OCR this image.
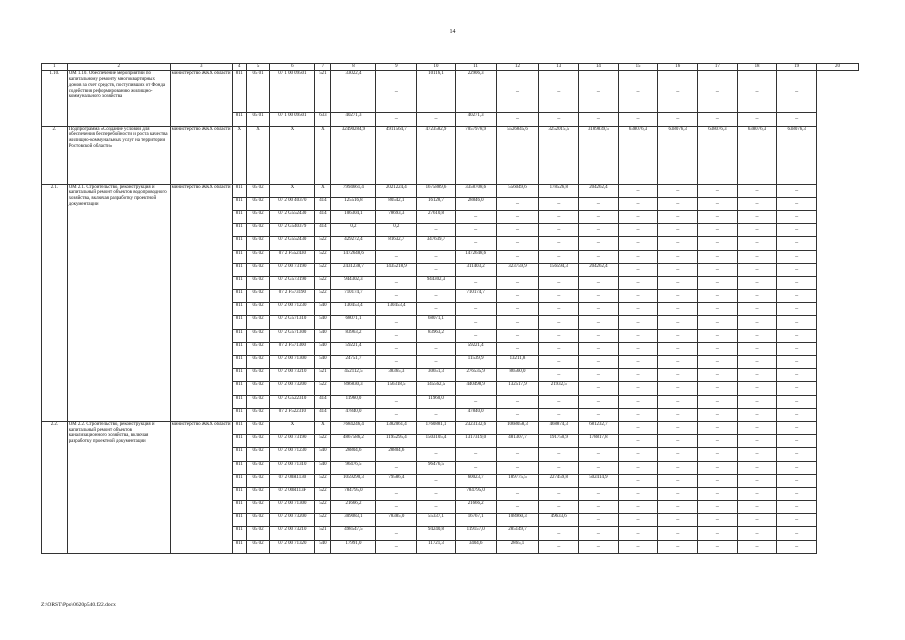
14
1	2	3	4	5	6	7	8	9	10	11	12	13	14	15	16	17	18	19	20
1.10.	ОМ 1.10. Обеспечение мероприятий по капитальному ремонту многоквартирных домов за счет средств, поступивших от Фонда содействия реформированию жилищно-коммунального хозяйства	министерство ЖКХ области	811	05 01	07 1 00 09501	521	33022,4	–	10116,1	22906,3	–	–	–	–	–	–	–	–	
			811	05 01	07 1 00 09501	633	40271,3	–	–	40271,3	–	–	–	–	–	–	–	–	
2.	Подпрограмма «Создание условий для обеспечения бесперебойности и роста качества жилищно-коммунальных услуг на территории Ростовской области»	министерство ЖКХ области	X	X	X	X	32490284,9	4911564,7	4723582,9	7057978,9	5526845,6	3252015,5	3189839,5	638076,3	638076,3	638076,3	638076,3	638076,3	
2.1.	ОМ 2.1. Строительство, реконструкция и капитальный ремонт объектов водопроводного хозяйства, включая разработку проектной документации	министерство ЖКХ области	811	05 02	X	X	7994661,4	2021224,4	1675889,6	3358708,6	556049,6	178526,8	204262,4	–	–	–	–	–	
			811	05 02	07 2 00 40370	414	125516,8	80542,1	16128,7	28846,0	–	–	–	–	–	–	–	–	
			811	05 02	07 2 G552430	414	106304,1	78693,3	27610,8	–	–	–	–	–	–	–	–	–	
			811	05 02	07 2 G540379	414	0,2	0,2	–	–	–	–	–	–	–	–	–	–	
			811	05 02	07 2 G552430	522	429272,4	81632,7	347639,7	–	–	–	–	–	–	–	–	–	
			811	05 02	07 2 F552430	522	1472648,6	–	–	1472648,6	–	–	–	–	–	–	–	–	
			811	05 02	07 2 00 73190	522	2431238,7	1435218,9	–	311403,2	323759,9	156594,3	204262,4	–	–	–	–	–	
			811	05 02	07 2 G573190	522	944302,3	–	944302,3	–	–	–	–	–	–	–	–	–	
			811	05 02	07 2 F573190	522	710174,7	–	–	710174,7	–	–	–	–	–	–	–	–	
			811	05 02	07 2 00 71230	540	130453,4	130453,4	–	–	–	–	–	–	–	–	–	–	
			811	05 02	07 2 G571310	540	68071,1	–	68071,1	–	–	–	–	–	–	–	–	–	
			811	05 02	07 2 G571300	540	83963,2	–	83963,2	–	–	–	–	–	–	–	–	–	
			811	05 02	07 2 F571300	540	59221,4	–	–	59221,4	–	–	–	–	–	–	–	–	
			811	05 02	07 2 00 71300	540	24751,7	–	–	11539,9	13211,8	–	–	–	–	–	–	–	
			811	05 02	07 2 00 73210	521	452112,5	38365,3	30651,3	276535,9	86560,0	–	–	–	–	–	–	–	
			811	05 02	07 2 00 73200	522	896830,3	156318,5	145562,5	440498,9	132517,9	21932,5	–	–	–	–	–	–	
			811	05 02	07 2 G522310	414	11960,0	–	11960,0	–	–	–	–	–	–	–	–	–	
			811	05 02	07 2 F522310	414	47840,0	–	–	47840,0	–	–	–	–	–	–	–	–	
2.2.	ОМ 2.2. Строительство, реконструкция и капитальный ремонт объектов канализационного хозяйства, включая разработку проектной документации	министерство ЖКХ области	811	05 02	X	X	7684246,4	1382061,4	1760881,1	2323132,6	1068058,3	468874,3	681232,7	–	–	–	–	–	
			811	05 02	07 2 00 73190	522	4867586,2	1195295,4	1503105,4	1317319,0	481307,7	191750,9	178817,8	–	–	–	–	–	
			811	05 02	07 2 00 71230	540	28804,6	28804,6	–	–	–	–	–	–	–	–	–	–	
			811	05 02	07 2 00 71310	540	96476,5	–	96476,5	–	–	–	–	–	–	–	–	–	
			811	05 02	07 2 00R1130	522	1059290,3	79586,4	–	60023,7	189775,5	227459,8	502414,9	–	–	–	–	–	
			811	05 02	07 2 00R113F	522	784795,0	–	–	784795,0	–	–	–	–	–	–	–	–	
			811	05 02	07 2 00 71300	522	21666,2	–	–	21666,2	–	–	–	–	–	–	–	–	
			811	05 02	07 2 00 73200	522	309083,1	78385,0	55337,1	16767,1	108960,3	49633,6	–	–	–	–	–	–	
			811	05 02	07 2 00 73210	521	498547,5	–	94240,8	119157,0	285149,7	–	–	–	–	–	–	–	
			811	05 02	07 2 00 71320	540	17991,0	–	11721,3	3404,6	2865,1	–	–	–	–	–	–	–	
Z:\ORST\Ppo\0620p540.f22.docx
